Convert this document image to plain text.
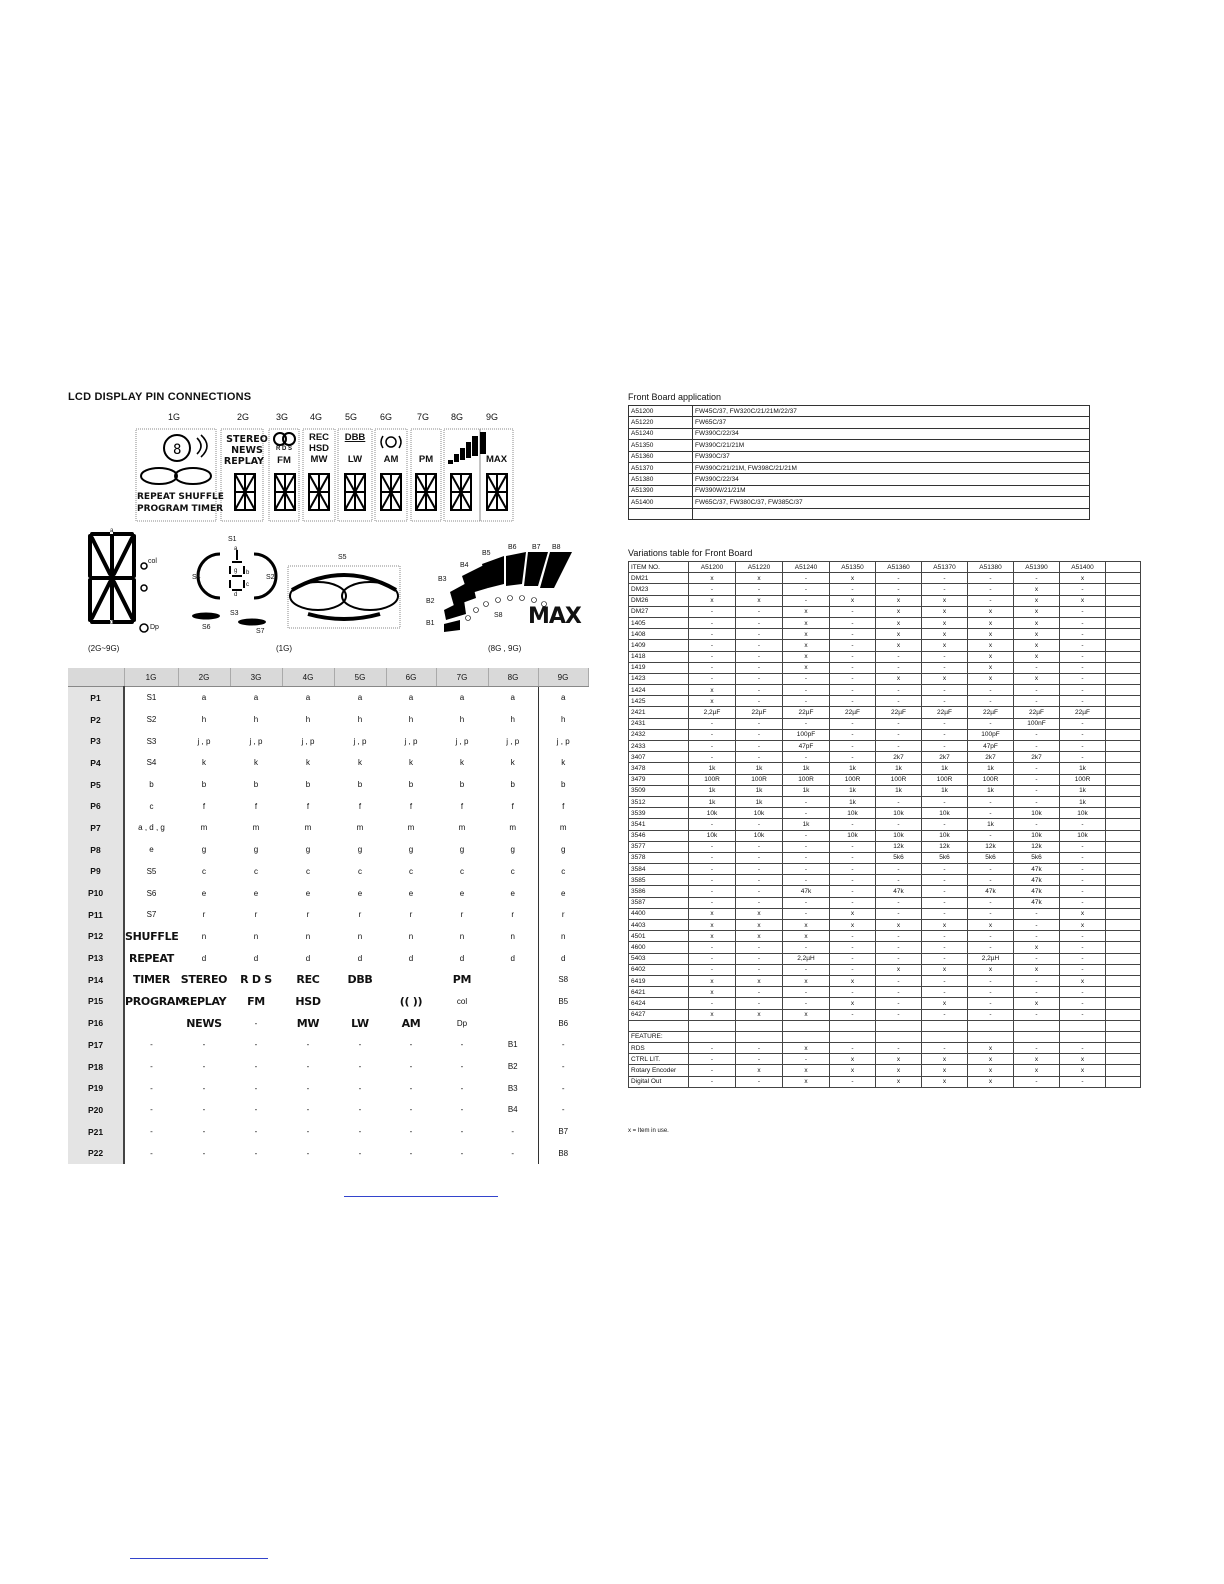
LCD DISPLAY PIN CONNECTIONS
1G	2G	3G 4G	5G	6G	7G 8G	9G
8
STEREO
NEWS
REPLAY
R D S
FM
REC
HSD
MW
DBB
LW	AM	PM	MAX
REPEAT SHUFFLE
PROGRAM TIMER
col
Dp
a
d
(2G~9G)
S1
S2
S3
S4
S5
S6
S7
a
b
c
d
g
(1G)
B1
B2
B3
B4
B5
B6 B7 B8
S8 MAX
(8G , 9G)
	1G	2G	3G	4G	5G	6G	7G	8G	9G
P1	S1	a	a	a	a	a	a	a	a
P2	S2	h	h	h	h	h	h	h	h
P3	S3	j , p	j , p	j , p	j , p	j , p	j , p	j , p	j , p
P4	S4	k	k	k	k	k	k	k	k
P5	b	b	b	b	b	b	b	b	b
P6	c	f	f	f	f	f	f	f	f
P7	a , d , g	m	m	m	m	m	m	m	m
P8	e	g	g	g	g	g	g	g	g
P9	S5	c	c	c	c	c	c	c	c
P10	S6	e	e	e	e	e	e	e	e
P11	S7	r	r	r	r	r	r	r	r
P12	SHUFFLE	n	n	n	n	n	n	n	n
P13	REPEAT	d	d	d	d	d	d	d	d
P14	TIMER	STEREO	R D S	REC	DBB		PM		S8
P15	PROGRAM	REPLAY	FM	HSD		(( ))	col		B5
P16		NEWS	-	MW	LW	AM	Dp		B6
P17	-	-	-	-	-	-	-	B1	-
P18	-	-	-	-	-	-	-	B2	-
P19	-	-	-	-	-	-	-	B3	-
P20	-	-	-	-	-	-	-	B4	-
P21	-	-	-	-	-	-	-	-	B7
P22	-	-	-	-	-	-	-	-	B8
Front Board application
A51200	FW45C/37, FW320C/21/21M/22/37
A51220	FW65C/37
A51240	FW390C/22/34
A51350	FW390C/21/21M
A51360	FW390C/37
A51370	FW390C/21/21M, FW398C/21/21M
A51380	FW390C/22/34
A51390	FW390W/21/21M
A51400	FW65C/37, FW380C/37, FW385C/37

Variations table for Front Board
ITEM NO.	A51200	A51220	A51240	A51350	A51360	A51370	A51380	A51390	A51400	
DM21	x	x	-	x	-	-	-	-	x	
DM23	-	-	-	-	-	-	-	x	-	
DM26	x	x	-	x	x	x	-	x	x	
DM27	-	-	x	-	x	x	x	x	-	
1405	-	-	x	-	x	x	x	x	-	
1408	-	-	x	-	x	x	x	x	-	
1409	-	-	x	-	x	x	x	x	-	
1418	-	-	x	-	-	-	x	x	-	
1419	-	-	x	-	-	-	x	-	-	
1423	-	-	-	-	x	x	x	x	-	
1424	x	-	-	-	-	-	-	-	-	
1425	x	-	-	-	-	-	-	-	-	
2421	2,2µF	22µF	22µF	22µF	22µF	22µF	22µF	22µF	22µF	
2431	-	-	-	-	-	-	-	100nF	-	
2432	-	-	100pF	-	-	-	100pF	-	-	
2433	-	-	47pF	-	-	-	47pF	-	-	
3407	-	-	-	-	2k7	2k7	2k7	2k7	-	
3478	1k	1k	1k	1k	1k	1k	1k	-	1k	
3479	100R	100R	100R	100R	100R	100R	100R	-	100R	
3509	1k	1k	1k	1k	1k	1k	1k	-	1k	
3512	1k	1k	-	1k	-	-	-	-	1k	
3539	10k	10k	-	10k	10k	10k	-	10k	10k	
3541	-	-	1k	-	-	-	1k	-	-	
3546	10k	10k	-	10k	10k	10k	-	10k	10k	
3577	-	-	-	-	12k	12k	12k	12k	-	
3578	-	-	-	-	5k6	5k6	5k6	5k6	-	
3584	-	-	-	-	-	-	-	47k	-	
3585	-	-	-	-	-	-	-	47k	-	
3586	-	-	47k	-	47k	-	47k	47k	-	
3587	-	-	-	-	-	-	-	47k	-	
4400	x	x	-	x	-	-	-	-	x	
4403	x	x	x	x	x	x	x	-	x	
4501	x	x	x	-	-	-	-	-	-	
4600	-	-	-	-	-	-	-	x	-	
5403	-	-	2,2µH	-	-	-	2,2µH	-	-	
6402	-	-	-	-	x	x	x	x	-	
6419	x	x	x	x	-	-	-	-	x	
6421	x	-	-	-	-	-	-	-	-	
6424	-	-	-	x	-	x	-	x	-	
6427	x	x	x	-	-	-	-	-	-	

FEATURE:										
RDS	-	-	x	-	-	-	x	-	-	
CTRL LIT.	-	-	-	x	x	x	x	x	x	
Rotary Encoder	-	x	x	x	x	x	x	x	x	
Digital Out	-	-	x	-	x	x	x	-	-	
x = Item in use.
